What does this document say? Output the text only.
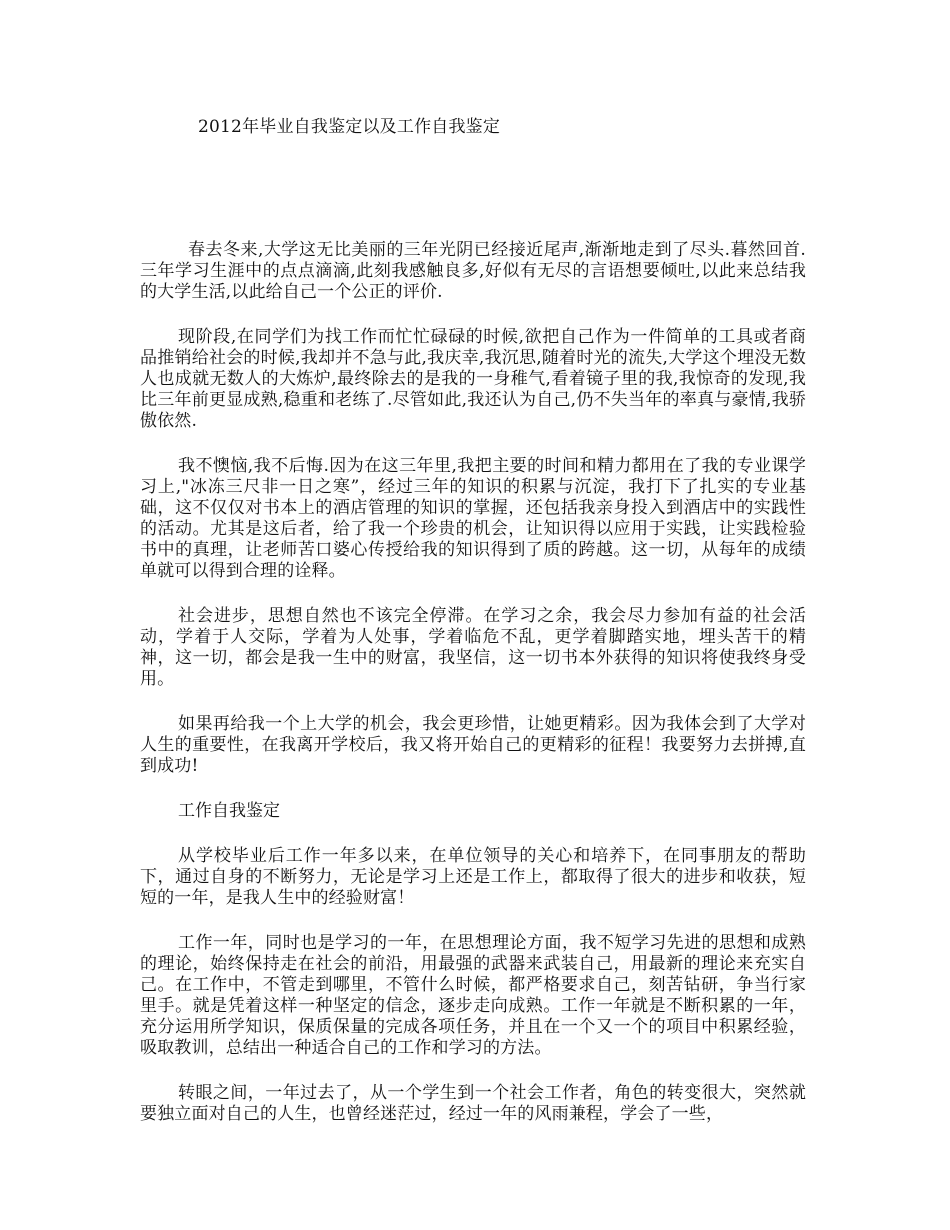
2012年毕业自我鉴定以及工作自我鉴定

春去冬来,大学这无比美丽的三年光阴已经接近尾声,渐渐地走到了尽头.暮然回首.三年学习生涯中的点点滴滴,此刻我感触良多,好似有无尽的言语想要倾吐,以此来总结我的大学生活,以此给自己一个公正的评价.

现阶段,在同学们为找工作而忙忙碌碌的时候,欲把自己作为一件简单的工具或者商品推销给社会的时候,我却并不急与此,我庆幸,我沉思,随着时光的流失,大学这个埋没无数人也成就无数人的大炼炉,最终除去的是我的一身稚气,看着镜子里的我,我惊奇的发现,我比三年前更显成熟,稳重和老练了.尽管如此,我还认为自己,仍不失当年的率真与豪情,我骄傲依然.

我不懊恼,我不后悔.因为在这三年里,我把主要的时间和精力都用在了我的专业课学习上,"冰冻三尺非一日之寒”，经过三年的知识的积累与沉淀，我打下了扎实的专业基础，这不仅仅对书本上的酒店管理的知识的掌握，还包括我亲身投入到酒店中的实践性的活动。尤其是这后者，给了我一个珍贵的机会，让知识得以应用于实践，让实践检验书中的真理，让老师苦口婆心传授给我的知识得到了质的跨越。这一切，从每年的成绩单就可以得到合理的诠释。

社会进步，思想自然也不该完全停滞。在学习之余，我会尽力参加有益的社会活动，学着于人交际，学着为人处事，学着临危不乱，更学着脚踏实地，埋头苦干的精神，这一切，都会是我一生中的财富，我坚信，这一切书本外获得的知识将使我终身受用。

如果再给我一个上大学的机会，我会更珍惜，让她更精彩。因为我体会到了大学对人生的重要性，在我离开学校后，我又将开始自己的更精彩的征程！我要努力去拼搏,直到成功!

工作自我鉴定

从学校毕业后工作一年多以来，在单位领导的关心和培养下，在同事朋友的帮助下，通过自身的不断努力，无论是学习上还是工作上，都取得了很大的进步和收获，短短的一年，是我人生中的经验财富！

工作一年，同时也是学习的一年，在思想理论方面，我不短学习先进的思想和成熟的理论，始终保持走在社会的前沿，用最强的武器来武装自己，用最新的理论来充实自己。在工作中，不管走到哪里，不管什么时候，都严格要求自己，刻苦钻研，争当行家里手。就是凭着这样一种坚定的信念，逐步走向成熟。工作一年就是不断积累的一年，充分运用所学知识，保质保量的完成各项任务，并且在一个又一个的项目中积累经验，吸取教训，总结出一种适合自己的工作和学习的方法。

转眼之间，一年过去了，从一个学生到一个社会工作者，角色的转变很大，突然就要独立面对自己的人生，也曾经迷茫过，经过一年的风雨兼程，学会了一些，
